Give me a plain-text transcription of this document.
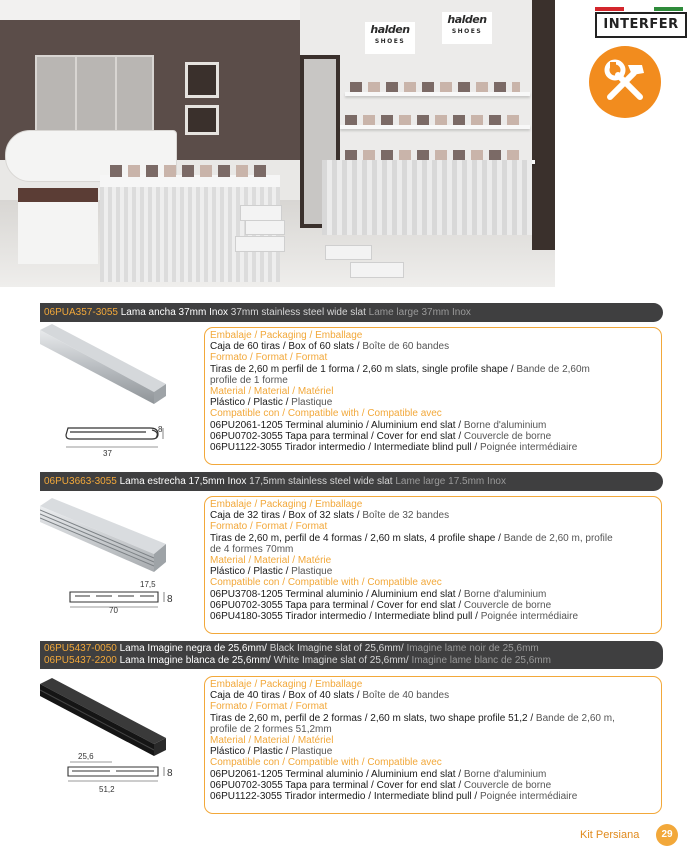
halden
SHOES
halden
SHOES	INTERFER
06PUA357-3055 Lama ancha 37mm Inox 37mm stainless steel wide slat Lame large 37mm Inox
8
37
Embalaje / Packaging / Emballage
Caja de 60 tiras / Box of 60 slats / Boîte de 60 bandes
Formato / Format / Format
Tiras de 2,60 m perfil de 1 forma / 2,60 m slats, single profile shape / Bande de 2,60m
profile de 1 forme
Material / Material / Matériel
Plástico / Plastic / Plastique
Compatible con / Compatible with / Compatible avec
06PU2061-1205 Terminal aluminio / Aluminium end slat / Borne d'aluminium
06PU0702-3055 Tapa para terminal / Cover for end slat / Couvercle de borne
06PU1122-3055 Tirador intermedio / Intermediate blind pull / Poignée intermédiaire
06PU3663-3055 Lama estrecha 17,5mm Inox 17,5mm stainless steel wide slat Lame large 17.5mm Inox
17,5
8
70
Embalaje / Packaging / Emballage
Caja de 32 tiras / Box of 32 slats / Boîte de 32 bandes
Formato / Format / Format
Tiras de 2,60 m, perfil de 4 formas / 2,60 m slats, 4 profile shape / Bande de 2,60 m, profile
de 4 formes 70mm
Material / Material / Matérie
Plástico / Plastic / Plastique
Compatible con / Compatible with / Compatible avec
06PU3708-1205 Terminal aluminio / Aluminium end slat / Borne d'aluminium
06PU0702-3055 Tapa para terminal / Cover for end slat / Couvercle de borne
06PU4180-3055 Tirador intermedio / Intermediate blind pull / Poignée intermédiaire
06PU5437-0050 Lama Imagine negra de 25,6mm/ Black Imagine slat of 25,6mm/ Imagine lame noir de 25,6mm
06PU5437-2200 Lama Imagine blanca de 25,6mm/ White Imagine slat of 25,6mm/ Imagine lame blanc de 25,6mm
25,6
8
51,2
Embalaje / Packaging / Emballage
Caja de 40 tiras / Box of 40 slats / Boîte de 40 bandes
Formato / Format / Format
Tiras de 2,60 m, perfil de 2 formas / 2,60 m slats, two shape profile 51,2 / Bande de 2,60 m,
profile de 2 formes 51,2mm
Material / Material / Matériel
Plástico / Plastic / Plastique
Compatible con / Compatible with / Compatible avec
06PU2061-1205 Terminal aluminio / Aluminium end slat / Borne d'aluminium
06PU0702-3055 Tapa para terminal / Cover for end slat / Couvercle de borne
06PU1122-3055 Tirador intermedio / Intermediate blind pull / Poignée intermédiaire
Kit Persiana	29
